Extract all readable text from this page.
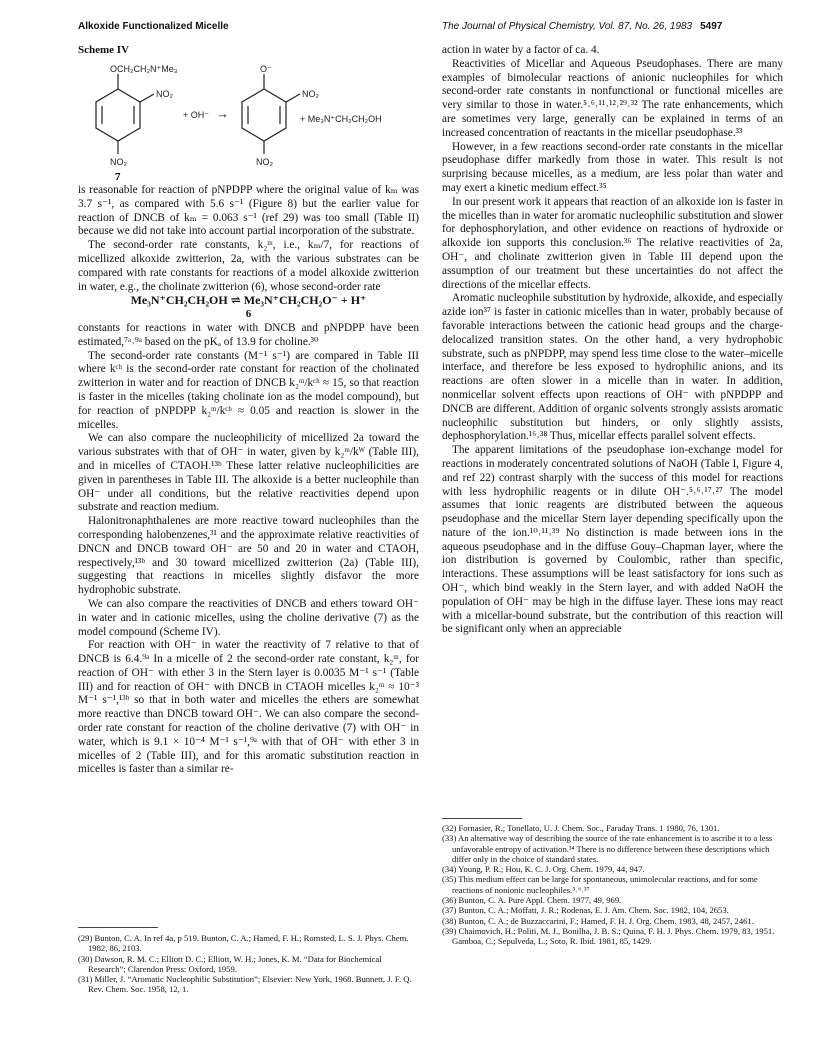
Alkoxide Functionalized Micelle	The Journal of Physical Chemistry, Vol. 87, No. 26, 1983 5497
Scheme IV
OCH₂CH₂N⁺Me₃
NO₂
NO₂
+ OH⁻ →
O⁻
NO₂
NO₂
+ Me₃N⁺CH₂CH₂OH
7

is reasonable for reaction of pNPDPP where the original value of kₘ was 3.7 s⁻¹, as compared with 5.6 s⁻¹ (Figure 8) but the earlier value for reaction of DNCB of kₘ = 0.063 s⁻¹ (ref 29) was too small (Table II) because we did not take into account partial incorporation of the substrate.

The second-order rate constants, k₂ᵐ, i.e., kₘ/7, for reactions of micellized alkoxide zwitterion, 2a, with the various substrates can be compared with rate constants for reactions of a model alkoxide zwitterion in water, e.g., the cholinate zwitterion (6), whose second-order rate

Me₃N⁺CH₂CH₂OH ⇌ Me₃N⁺CH₂CH₂O⁻ + H⁺

6

constants for reactions in water with DNCB and pNPDPP have been estimated,⁷ᵃ˒⁹ᵃ based on the pKₐ of 13.9 for choline.³⁰

The second-order rate constants (M⁻¹ s⁻¹) are compared in Table III where kᶜʰ is the second-order rate constant for reaction of the cholinated zwitterion in water and for reaction of DNCB k₂ᵐ/kᶜʰ ≈ 15, so that reaction is faster in the micelles (taking cholinate ion as the model compound), but for reaction of pNPDPP k₂ᵐ/kᶜʰ ≈ 0.05 and reaction is slower in the micelles.

We can also compare the nucleophilicity of micellized 2a toward the various substrates with that of OH⁻ in water, given by k₂ᵐ/kᵂ (Table III), and in micelles of CTAOH.¹³ᵇ These latter relative nucleophilicities are given in parentheses in Table III. The alkoxide is a better nucleophile than OH⁻ under all conditions, but the relative reactivities depend upon substrate and reaction medium.

Halonitronaphthalenes are more reactive toward nucleophiles than the corresponding halobenzenes,³¹ and the approximate relative reactivities of DNCN and DNCB toward OH⁻ are 50 and 20 in water and CTAOH, respectively,¹³ᵇ and 30 toward micellized zwitterion (2a) (Table III), suggesting that reactions in micelles slightly disfavor the more hydrophobic substrate.

We can also compare the reactivities of DNCB and ethers toward OH⁻ in water and in cationic micelles, using the choline derivative (7) as the model compound (Scheme IV).

For reaction with OH⁻ in water the reactivity of 7 relative to that of DNCB is 6.4.⁹ᵃ In a micelle of 2 the second-order rate constant, k₂ᵐ, for reaction of OH⁻ with ether 3 in the Stern layer is 0.0035 M⁻¹ s⁻¹ (Table III) and for reaction of OH⁻ with DNCB in CTAOH micelles k₂ᵐ ≈ 10⁻³ M⁻¹ s⁻¹,¹³ᵇ so that in both water and micelles the ethers are somewhat more reactive than DNCB toward OH⁻. We can also compare the second-order rate constant for reaction of the choline derivative (7) with OH⁻ in water, which is 9.1 × 10⁻⁴ M⁻¹ s⁻¹,⁹ᵃ with that of OH⁻ with ether 3 in micelles of 2 (Table III), and for this aromatic substitution reaction in micelles is faster than a similar re-

(29) Bunton, C. A. In ref 4a, p 519. Bunton, C. A.; Hamed, F. H.; Romsted, L. S. J. Phys. Chem. 1982, 86, 2103.
(30) Dawson, R. M. C.; Elliott D. C.; Elliott, W. H.; Jones, K. M. “Data for Biochemical Research”; Clarendon Press: Oxford, 1959.
(31) Miller, J. “Aromatic Nucleophilic Substitution”; Elsevier: New York, 1968. Bunnett, J. F. Q. Rev. Chem. Soc. 1958, 12, 1.

action in water by a factor of ca. 4.

Reactivities of Micellar and Aqueous Pseudophases. There are many examples of bimolecular reactions of anionic nucleophiles for which second-order rate constants in nonfunctional or functional micelles are very similar to those in water.⁵˒⁶˒¹¹˒¹²˒²⁹˒³² The rate enhancements, which are sometimes very large, generally can be explained in terms of an increased concentration of reactants in the micellar pseudophase.³³

However, in a few reactions second-order rate constants in the micellar pseudophase differ markedly from those in water. This result is not surprising because micelles, as a medium, are less polar than water and may exert a kinetic medium effect.³⁵

In our present work it appears that reaction of an alkoxide ion is faster in the micelles than in water for aromatic nucleophilic substitution and slower for dephosphorylation, and other evidence on reactions of hydroxide or alkoxide ion supports this conclusion.³⁶ The relative reactivities of 2a, OH⁻, and cholinate zwitterion given in Table III depend upon the assumption of our treatment but these uncertainties do not affect the directions of the micellar effects.

Aromatic nucleophile substitution by hydroxide, alkoxide, and especially azide ion³⁷ is faster in cationic micelles than in water, probably because of favorable interactions between the cationic head groups and the charge-delocalized transition states. On the other hand, a very hydrophobic substrate, such as pNPDPP, may spend less time close to the water–micelle interface, and therefore be less exposed to hydrophilic anions, and its reactions are often slower in a micelle than in water. In addition, nonmicellar solvent effects upon reactions of OH⁻ with pNPDPP and DNCB are different. Addition of organic solvents strongly assists aromatic nucleophilic substitution but hinders, or only slightly assists, dephosphorylation.¹⁶˒³⁸ Thus, micellar effects parallel solvent effects.

The apparent limitations of the pseudophase ion-exchange model for reactions in moderately concentrated solutions of NaOH (Table I, Figure 4, and ref 22) contrast sharply with the success of this model for reactions with less hydrophilic reagents or in dilute OH⁻.⁵˒⁶˒¹⁷˒²⁷ The model assumes that ionic reagents are distributed between the aqueous pseudophase and the micellar Stern layer depending specifically upon the nature of the ion.¹⁰˒¹¹˒³⁹ No distinction is made between ions in the aqueous pseudophase and in the diffuse Gouy–Chapman layer, where the ion distribution is governed by Coulombic, rather than specific, interactions. These assumptions will be least satisfactory for ions such as OH⁻, which bind weakly in the Stern layer, and with added NaOH the population of OH⁻ may be high in the diffuse layer. These ions may react with a micellar-bound substrate, but the contribution of this reaction will be significant only when an appreciable

(32) Fornasier, R.; Tonellato, U. J. Chem. Soc., Faraday Trans. 1 1980, 76, 1301.
(33) An alternative way of describing the source of the rate enhancement is to ascribe it to a less unfavorable entropy of activation.³⁴ There is no difference between these descriptions which differ only in the choice of standard states.
(34) Young, P. R.; Hou, K. C. J. Org. Chem. 1979, 44, 947.
(35) This medium effect can be large for spontaneous, unimolecular reactions, and for some reactions of nonionic nucleophiles.⁵˒⁶˒³⁷
(36) Bunton, C. A. Pure Appl. Chem. 1977, 49, 969.
(37) Bunton, C. A.; Moffatt, J. R.; Rodenas, E. J. Am. Chem. Soc. 1982, 104, 2653.
(38) Bunton, C. A.; de Buzzaccarini, F.; Hamed, F. H. J. Org. Chem. 1983, 48, 2457, 2461.
(39) Chaimovich, H.; Politi, M. J., Bonilha, J. B. S.; Quina, F. H. J. Phys. Chem. 1979, 83, 1951. Gamboa, C.; Sepulveda, L.; Soto, R. Ibid. 1981, 85, 1429.
